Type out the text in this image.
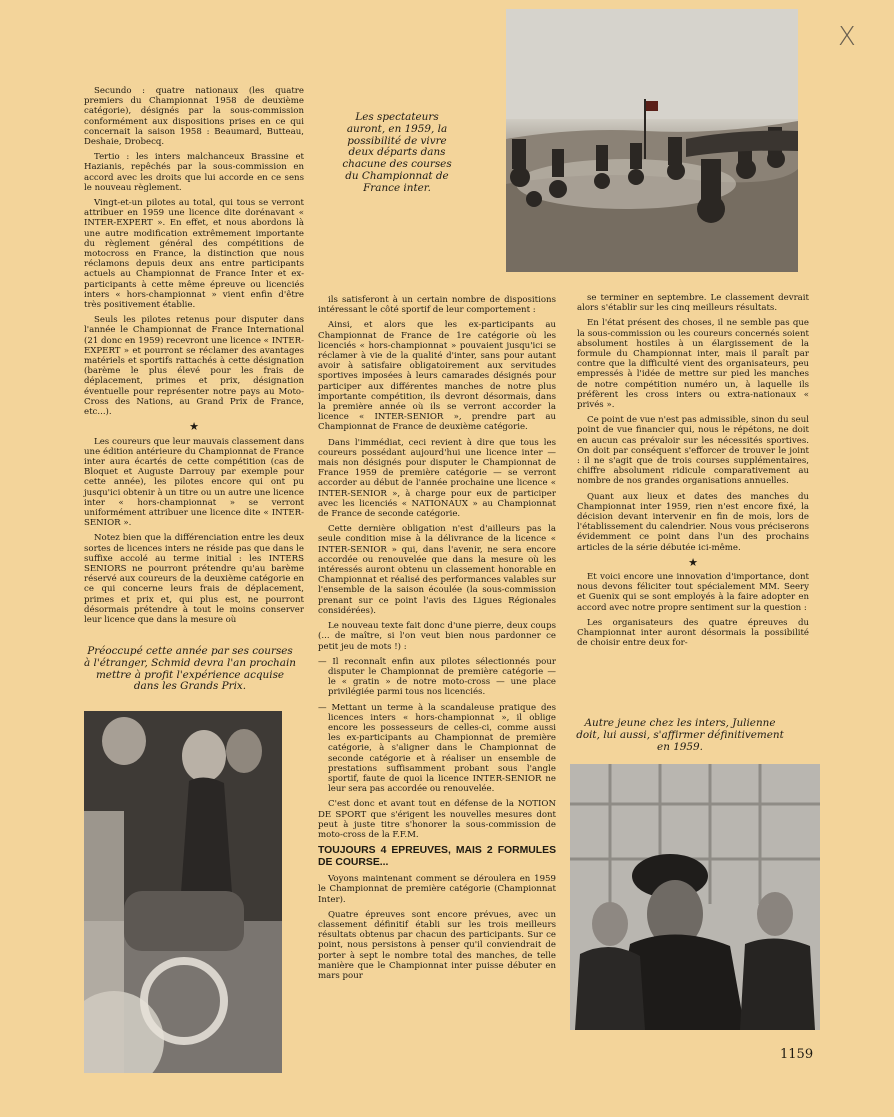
X
Les spectateurs auront, en 1959, la possibilité de vivre deux départs dans chacune des courses du Championnat de France inter.

Secundo : quatre nationaux (les quatre premiers du Championnat 1958 de deuxième catégorie), désignés par la sous-commission conformément aux dispositions prises en ce qui concernait la saison 1958 : Beaumard, Butteau, Deshaie, Drobecq.

Tertio : les inters malchanceux Brassine et Hazianis, repêchés par la sous-commission en accord avec les droits que lui accorde en ce sens le nouveau règlement.

Vingt-et-un pilotes au total, qui tous se verront attribuer en 1959 une licence dite dorénavant « INTER-EXPERT ». En effet, et nous abordons là une autre modification extrêmement importante du règlement général des compétitions de motocross en France, la distinction que nous réclamons depuis deux ans entre participants actuels au Championnat de France Inter et ex-participants à cette même épreuve ou licenciés inters « hors-championnat » vient enfin d'être très positivement établie.

Seuls les pilotes retenus pour disputer dans l'année le Championnat de France International (21 donc en 1959) recevront une licence « INTER-EXPERT » et pourront se réclamer des avantages matériels et sportifs rattachés à cette désignation (barème le plus élevé pour les frais de déplacement, primes et prix, désignation éventuelle pour représenter notre pays au Moto-Cross des Nations, au Grand Prix de France, etc...).

★

Les coureurs que leur mauvais classement dans une édition antérieure du Championnat de France inter aura écartés de cette compétition (cas de Bloquet et Auguste Darrouy par exemple pour cette année), les pilotes encore qui ont pu jusqu'ici obtenir à un titre ou un autre une licence inter « hors-championnat » se verront uniformément attribuer une licence dite « INTER-SENIOR ».

Notez bien que la différenciation entre les deux sortes de licences inters ne réside pas que dans le suffixe accolé au terme initial : les INTERS SENIORS ne pourront prétendre qu'au barème réservé aux coureurs de la deuxième catégorie en ce qui concerne leurs frais de déplacement, primes et prix et, qui plus est, ne pourront désormais prétendre à tout le moins conserver leur licence que dans la mesure où

Préoccupé cette année par ses courses à l'étranger, Schmid devra l'an prochain mettre à profit l'expérience acquise dans les Grands Prix.

ils satisferont à un certain nombre de dispositions intéressant le côté sportif de leur comportement :

Ainsi, et alors que les ex-participants au Championnat de France de 1re catégorie où les licenciés « hors-championnat » pouvaient jusqu'ici se réclamer à vie de la qualité d'inter, sans pour autant avoir à satisfaire obligatoirement aux servitudes sportives imposées à leurs camarades désignés pour participer aux différentes manches de notre plus importante compétition, ils devront désormais, dans la première année où ils se verront accorder la licence « INTER-SENIOR », prendre part au Championnat de France de deuxième catégorie.

Dans l'immédiat, ceci revient à dire que tous les coureurs possédant aujourd'hui une licence inter — mais non désignés pour disputer le Championnat de France 1959 de première catégorie — se verront accorder au début de l'année prochaine une licence « INTER-SENIOR », à charge pour eux de participer avec les licenciés « NATIONAUX » au Championnat de France de seconde catégorie.

Cette dernière obligation n'est d'ailleurs pas la seule condition mise à la délivrance de la licence « INTER-SENIOR » qui, dans l'avenir, ne sera encore accordée ou renouvelée que dans la mesure où les intéressés auront obtenu un classement honorable en Championnat et réalisé des performances valables sur l'ensemble de la saison écoulée (la sous-commission prenant sur ce point l'avis des Ligues Régionales considérées).

Le nouveau texte fait donc d'une pierre, deux coups (... de maître, si l'on veut bien nous pardonner ce petit jeu de mots !) :

— Il reconnaît enfin aux pilotes sélectionnés pour disputer le Championnat de première catégorie — le « gratin » de notre moto-cross — une place privilégiée parmi tous nos licenciés.

— Mettant un terme à la scandaleuse pratique des licences inters « hors-championnat », il oblige encore les possesseurs de celles-ci, comme aussi les ex-participants au Championnat de première catégorie, à s'aligner dans le Championnat de seconde catégorie et à réaliser un ensemble de prestations suffisamment probant sous l'angle sportif, faute de quoi la licence INTER-SENIOR ne leur sera pas accordée ou renouvelée.

C'est donc et avant tout en défense de la NOTION DE SPORT que s'érigent les nouvelles mesures dont peut à juste titre s'honorer la sous-commission de moto-cross de la F.F.M.

TOUJOURS 4 EPREUVES, MAIS 2 FORMULES DE COURSE...

Voyons maintenant comment se déroulera en 1959 le Championnat de première catégorie (Championnat Inter).

Quatre épreuves sont encore prévues, avec un classement définitif établi sur les trois meilleurs résultats obtenus par chacun des participants. Sur ce point, nous persistons à penser qu'il conviendrait de porter à sept le nombre total des manches, de telle manière que le Championnat inter puisse débuter en mars pour

se terminer en septembre. Le classement devrait alors s'établir sur les cinq meilleurs résultats.

En l'état présent des choses, il ne semble pas que la sous-commission ou les coureurs concernés soient absolument hostiles à un élargissement de la formule du Championnat inter, mais il paraît par contre que la difficulté vient des organisateurs, peu empressés à l'idée de mettre sur pied les manches de notre compétition numéro un, à laquelle ils préfèrent les cross inters ou extra-nationaux « privés ».

Ce point de vue n'est pas admissible, sinon du seul point de vue financier qui, nous le répétons, ne doit en aucun cas prévaloir sur les nécessités sportives. On doit par conséquent s'efforcer de trouver le joint : il ne s'agit que de trois courses supplémentaires, chiffre absolument ridicule comparativement au nombre de nos grandes organisations annuelles.

Quant aux lieux et dates des manches du Championnat inter 1959, rien n'est encore fixé, la décision devant intervenir en fin de mois, lors de l'établissement du calendrier. Nous vous préciserons évidemment ce point dans l'un des prochains articles de la série débutée ici-même.

★

Et voici encore une innovation d'importance, dont nous devons féliciter tout spécialement MM. Seery et Guenix qui se sont employés à la faire adopter en accord avec notre propre sentiment sur la question :

Les organisateurs des quatre épreuves du Championnat inter auront désormais la possibilité de choisir entre deux for-

Autre jeune chez les inters, Julienne doit, lui aussi, s'affirmer définitivement en 1959.
1159
